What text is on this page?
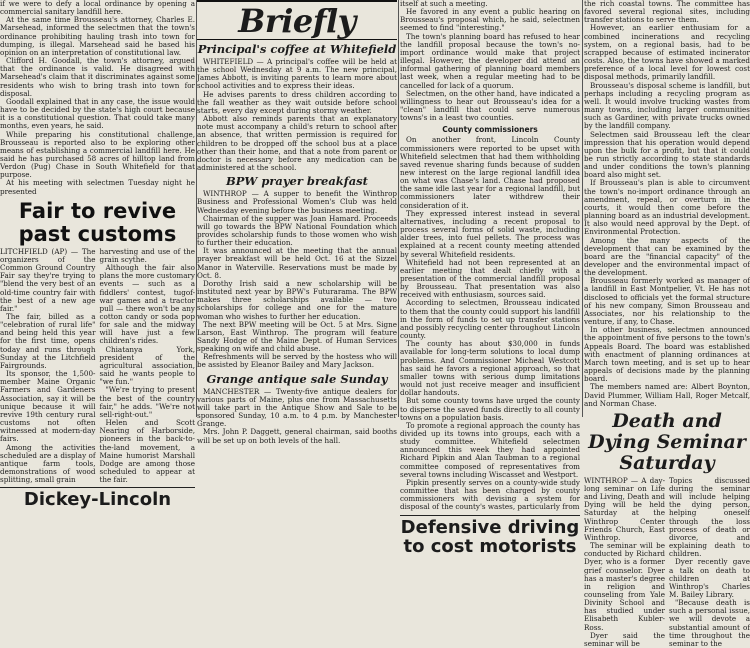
if we were to defy a local ordinance by opening a commercial sanitary landfill here.

At the same time Brousseau's attorney, Charles E. Marsehead, informed the selectmen that the town's ordinance prohibiting hauling trash into town for dumping, is illegal. Marsehead said he based his opinion on an interpretation of constitutional law.

Clifford H. Goodall, the town's attorney, argued that the ordinance is valid. He disagreed with Marsehead's claim that it discriminates against some residents who wish to bring trash into town for disposal.

Goodall explained that in any case, the issue would have to be decided by the state's high court because it is a constitutional question. That could take many months, even years, he said.

While preparing his constitutional challenge, Brousseau is reported also to be exploring other means of establishing a commercial landfill here. He said he has purchased 58 acres of hilltop land from Verdon (Pug) Chase in South Whitefield for that purpose.

At his meeting with selectmen Tuesday night he presented

Fair to revive past customs

LITCHFIELD (AP) — The organizers of the Common Ground Country Fair say they're trying to "blend the very best of an old-time country fair with the best of a new age fair."

The fair, billed as a "celebration of rural life" and being held this year for the first time, opens today and runs through Sunday at the Litchfield Fairgrounds.

Its sponsor, the 1,500-member Maine Organic Farmers and Gardeners Association, say it will be unique because it will revive 19th century rural customs not often witnessed at modern-day fairs.

Among the activities scheduled are a display of antique farm tools, demonstrations of wood splitting, small grain

harvesting and use of the grain scythe.

Although the fair also plans the more customary events — such as a fiddlers' contest, tugof-war games and a tractor pull — there won't be any cotton candy or soda pop for sale and the midway will have just a few children's rides.

Chiatanya York, president of the agricultural association, said he wants people to "we fun."

"We're trying to present the best of the country fair," he adds. "We're not sell-right-out."

Helen and Scott Nearing of Harborside, pioneers in the back-to-the-land movement, a Maine humorist Marshall Dodge are among those scheduled to appear at the fair.

Dickey-Lincoln
Briefly
Principal's coffee at Whitefield

WHITEFIELD — A principal's coffee will be held at the school Wednesday at 9 a.m. The new principal, James Abbott, is inviting parents to learn more about school activities and to express their ideas.

He advises parents to dress children according to the fall weather as they wait outside before school starts, every day except during stormy weather.

Abbott also reminds parents that an explanatory note must accompany a child's return to school after an absence, that written permission is required for children to be dropped off the school bus at a place other than their home, and that a note from parent or doctor is necessary before any medication can be administered at the school.

BPW prayer breakfast

WINTHROP — A supper to benefit the Winthrop Business and Professional Women's Club was held Wednesday evening before the business meeting.

Chairman of the supper was Joan Hamard. Proceeds will go towards the BPW National Foundation which provides scholarship funds to those women who wish to further their education.

It was announced at the meeting that the annual prayer breakfast will be held Oct. 16 at the Sizzel Manor in Waterville. Reservations must be made by Oct. 8.

Dorothy Irish said a new scholarship will be instituted next year by BPW's Futurarama. The BPW makes three scholarships available — two scholarships for college and one for the mature woman who wishes to further her education.

The next BPW meeting will be Oct. 5 at Mrs. Signe Larson, East Winthrop. The program will feature Sandy Hodge of the Maine Dept. of Human Services speaking on wife and child abuse.

Refreshments will be served by the hostess who will be assisted by Eleanor Bailey and Mary Jackson.

Grange antique sale Sunday

MANCHESTER — Twenty-five antique dealers for various parts of Maine, plus one from Massachusetts will take part in the Antique Show and Sale to be sponsored Sunday, 10 a.m. to 4 p.m. by Manchester Grange.

Mrs. John P. Daggett, general chairman, said booths will be set up on both levels of the hall.

itself at such a meeting.

He favored in any event a public hearing on Brousseau's proposal which, he said, selectmen seemed to find "interesting."

The town's planning board has refused to hear the landfill proposal because the town's no-import ordinance would make that project illegal. However, the developer did attend an informal gathering of planning board members last week, when a regular meeting had to be cancelled for lack of a quorum.

Selectmen, on the other hand, have indicated a willingness to hear out Brousseau's idea for a "clean" landfill that could serve numerous towns's in a least two counties.

County commissioners

On another front, Lincoln County commissioners were reported to be upset with Whitefield selectmen that had them withholding saved revenue sharing funds because of sudden new interest on the large regional landfill idea on what was Chase's land. Chase had proposed the same idle last year for a regional landfill, but commissioners later withdrew their consideration of it.

They expressed interest instead in several alternatives, including a recent proposal to process several forms of solid waste, including alder trees, into fuel pellets. The process was explained at a recent county meeting attended by several Whitefield residents.

Whitefield had not been represented at an earlier meeting that dealt chiefly with a presentation of the commercial landfill proposal by Brousseau. That presentation was also received with enthusiasm, sources said.

According to selectmen, Brousseau indicated to them that the county could support his landfill in the form of funds to set up transfer stations and possibly recycling center throughout Lincoln county.

The county has about $30,000 in funds available for long-term solutions to local dump problems. And Commissioner Micheal Westcott has said he favors a regional approach, so that smaller towns with serious dump limitations would not just receive meager and insufficient dollar handouts.

But some county towns have urged the county to disperse the saved funds directly to all county towns on a population basis.

To promote a regional approach the county has divided up its towns into groups, each with a study committee. Whitefield selectmen announced this week they had appointed Richard Pipkin and Alan Taubman to a regional committee composed of representatives from several towns including Wiscasset and Westport.

Pipkin presently serves on a county-wide study committee that has been charged by county commissioners with devising a system for disposal of the county's wastes, particularly from

Defensive driving to cost motorists

the rich coastal towns. The committee has favored several regional sites, including transfer stations to serve them.

However, an earlier enthusiam for a combined incinerations and recycling system, on a regional basis, had to be scrapped because of estimated incinerator costs. Also, the towns have showed a marked preference of a local level for lowest cost disposal methods, primarily landfill.

Brousseau's disposal scheme is landfill, but perhaps including a recycling program as well. It would involve trucking wastes from many towns, including larger communities such as Gardiner, with private trucks owned by the landfill company.

Selectmen said Brousseau left the clear impression that his operation would depend upon the bulk for a profit, but that it could be run strictly according to state standards and under conditions the town's planning board also might set.

If Brousseau's plan is able to circumvent the town's no-import ordinance through an amendment, repeal, or overturn in the courts, it would then come before the planning board as an industrial development. It also would need approval by the Dept. of Environmental Protection.

Among the many aspects of the development that can be examined by the board are the "financial capacity" of the developer and the environmental impact of the development.

Brousseau formerly worked as manager of a landfill in East Montpelier, Vt. He has not disclosed to officials yet the formal structure of his new company, Simon Brousseau and Associates, nor his relationship to the venture, if any, to Chase.

In other business, selectmen announced the appointment of five persons to the town's Appeals Board. The board was established with enactment of planning ordinances at March town meeting, and is set up to hear appeals of decisions made by the planning board.

The members named are: Albert Boynton, David Plummer, William Hall, Roger Metcalf, and Norman Chase.

Death and Dying Seminar Saturday

WINTHROP — A day-long seminar on Life and Living, Death and Dying will be held Saturday at the Winthrop Center Friends Church, East Winthrop.

The seminar will be conducted by Richard Dyer, who is a former grief counselor. Dyer has a master's degree in religion and counseling from Yale Divinity School and has studied under Elisabeth Kubler-Ross.

Dyer said the seminar will be

Topics discussed during the seminar will include helping the dying person, helping oneself through the loss process of death or divorce, and explaining death to children.

Dyer recently gave a talk on death to children at Winthrop's Charles M. Bailey Library.

"Because death is such a personal issue, we will devote a substantial amount of time throughout the seminar to the
